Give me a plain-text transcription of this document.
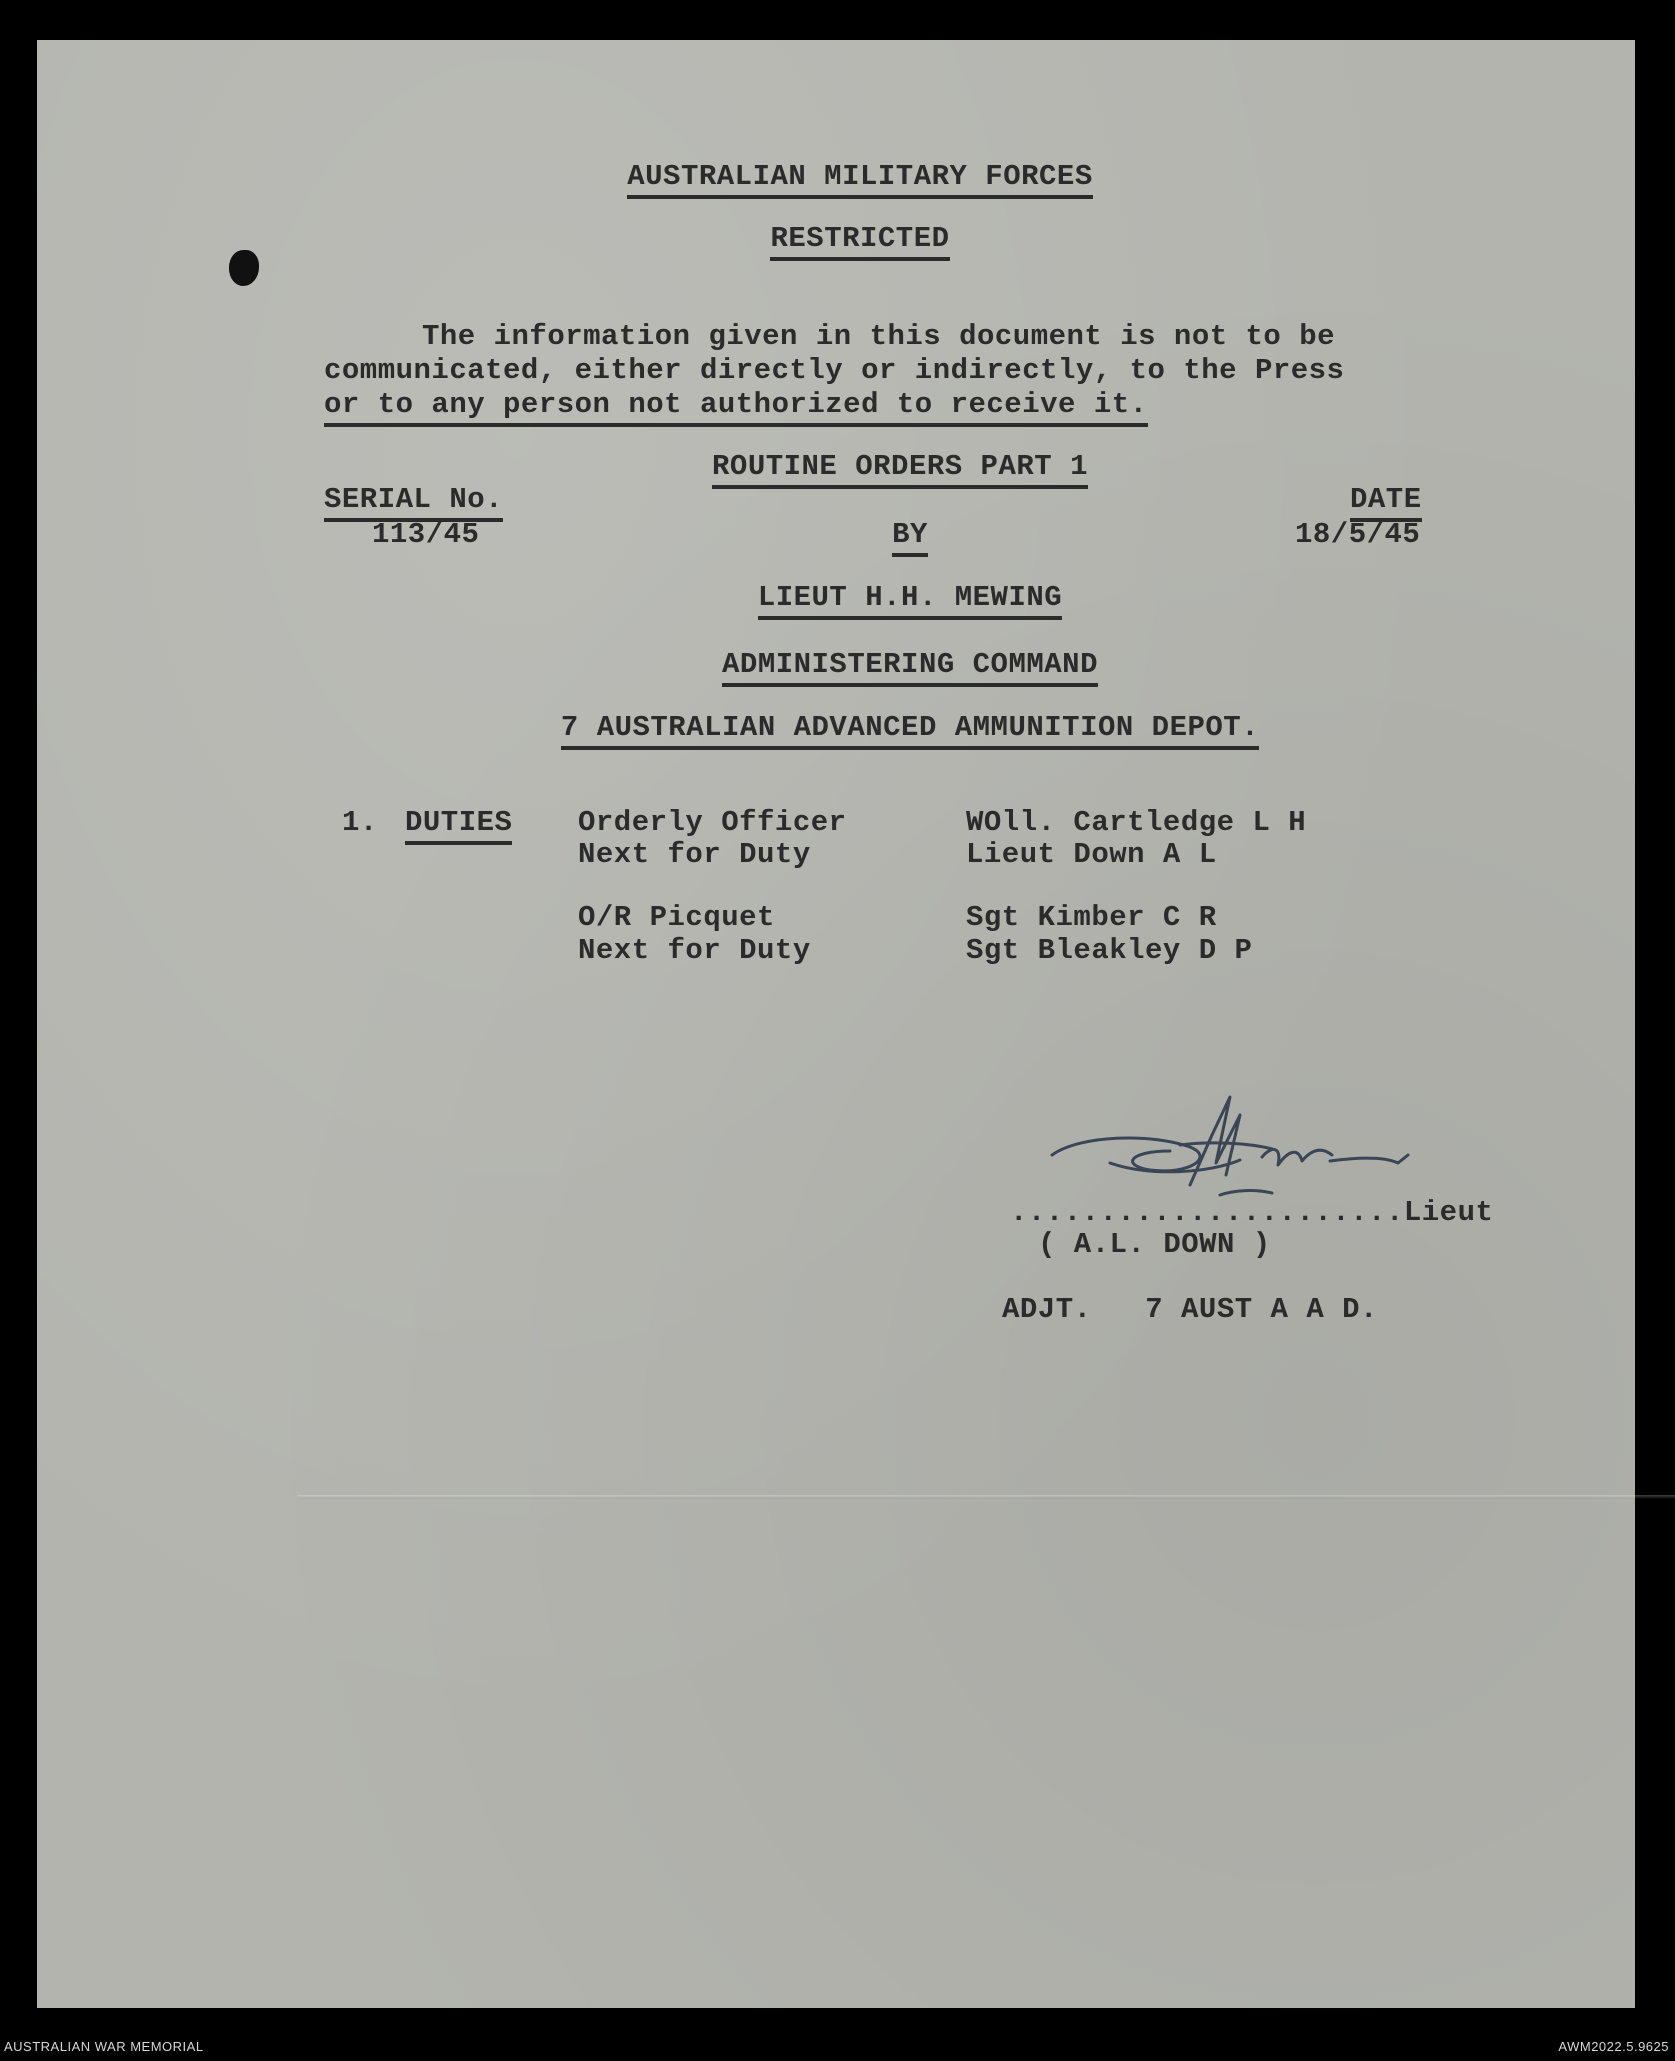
AUSTRALIAN MILITARY FORCES
RESTRICTED
The information given in this document is not to be
communicated, either directly or indirectly, to the Press
or to any person not authorized to receive it.
ROUTINE ORDERS PART 1
SERIAL No.
113/45
DATE
18/5/45
BY
LIEUT H.H. MEWING
ADMINISTERING COMMAND
7 AUSTRALIAN ADVANCED AMMUNITION DEPOT.
1. DUTIES Orderly Officer	WOll. Cartledge L H
Next for Duty	Lieut Down A L
O/R Picquet	Sgt Kimber C R
Next for Duty	Sgt Bleakley D P
......................Lieut
( A.L. DOWN )
ADJT.   7 AUST A A D.
AUSTRALIAN WAR MEMORIAL	AWM2022.5.9625
